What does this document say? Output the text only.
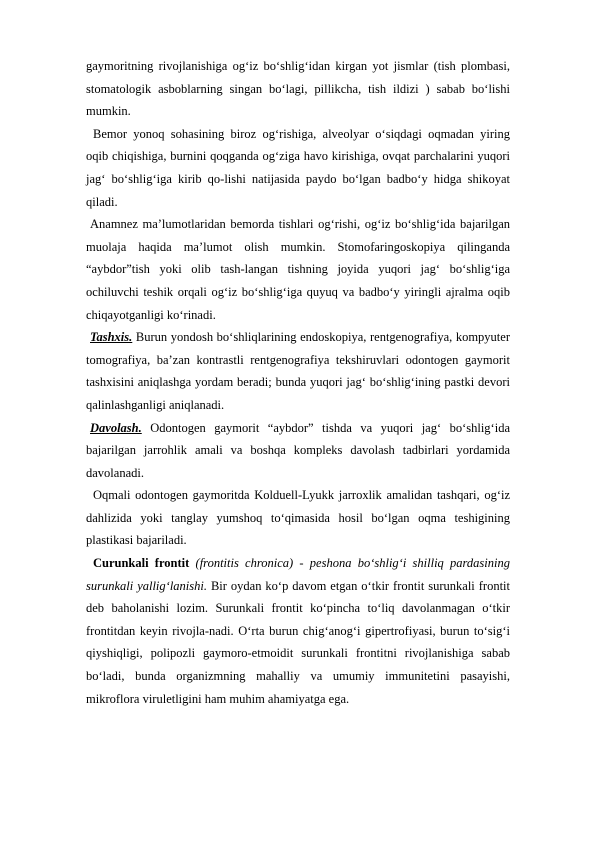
gaymoritning rivojlanishiga og‘iz bo‘shlig‘idan kirgan yot jismlar (tish plombasi, stomatologik asboblarning singan bo‘lagi, pillikcha, tish ildizi ) sabab bo‘lishi mumkin.

Bemor yonoq sohasining biroz og‘rishiga, alveolyar o‘siqdagi oqmadan yiring oqib chiqishiga, burnini qoqganda og‘ziga havo kirishiga, ovqat parchalarini yuqori jag‘ bo‘shlig‘iga kirib qo-lishi natijasida paydo bo‘lgan badbo‘y hidga shikoyat qiladi.

Anamnez ma’lumotlaridan bemorda tishlari og‘rishi, og‘iz bo‘shlig‘ida bajarilgan muolaja haqida ma’lumot olish mumkin. Stomofaringoskopiya qilinganda “aybdor”tish yoki olib tash-langan tishning joyida yuqori jag‘ bo‘shlig‘iga ochiluvchi teshik orqali og‘iz bo‘shlig‘iga quyuq va badbo‘y yiringli ajralma oqib chiqayotganligi ko‘rinadi.

Tashxis. Burun yondosh bo‘shliqlarining endoskopiya, rentgenografiya, kompyuter tomografiya, ba’zan kontrastli rentgenografiya tekshiruvlari odontogen gaymorit tashxisini aniqlashga yordam beradi; bunda yuqori jag‘ bo‘shlig‘ining pastki devori qalinlashganligi aniqlanadi.

Davolash. Odontogen gaymorit “aybdor” tishda va yuqori jag‘ bo‘shlig‘ida bajarilgan jarrohlik amali va boshqa kompleks davolash tadbirlari yordamida davolanadi.

Oqmali odontogen gaymoritda Kolduell-Lyukk jarroxlik amalidan tashqari, og‘iz dahlizida yoki tanglay yumshoq to‘qimasida hosil bo‘lgan oqma teshigining plastikasi bajariladi.

Curunkali frontit (frontitis chronica) - peshona bo‘shlig‘i shilliq pardasining surunkali yallig‘lanishi. Bir oydan ko‘p davom etgan o‘tkir frontit surunkali frontit deb baholanishi lozim. Surunkali frontit ko‘pincha to‘liq davolanmagan o‘tkir frontitdan keyin rivojla-nadi. O‘rta burun chig‘anog‘i gipertrofiyasi, burun to‘sig‘i qiyshiqligi, polipozli gaymoro-etmoidit surunkali frontitni rivojlanishiga sabab bo‘ladi, bunda organizmning mahalliy va umumiy immunitetini pasayishi, mikroflora viruletligini ham muhim ahamiyatga ega.
